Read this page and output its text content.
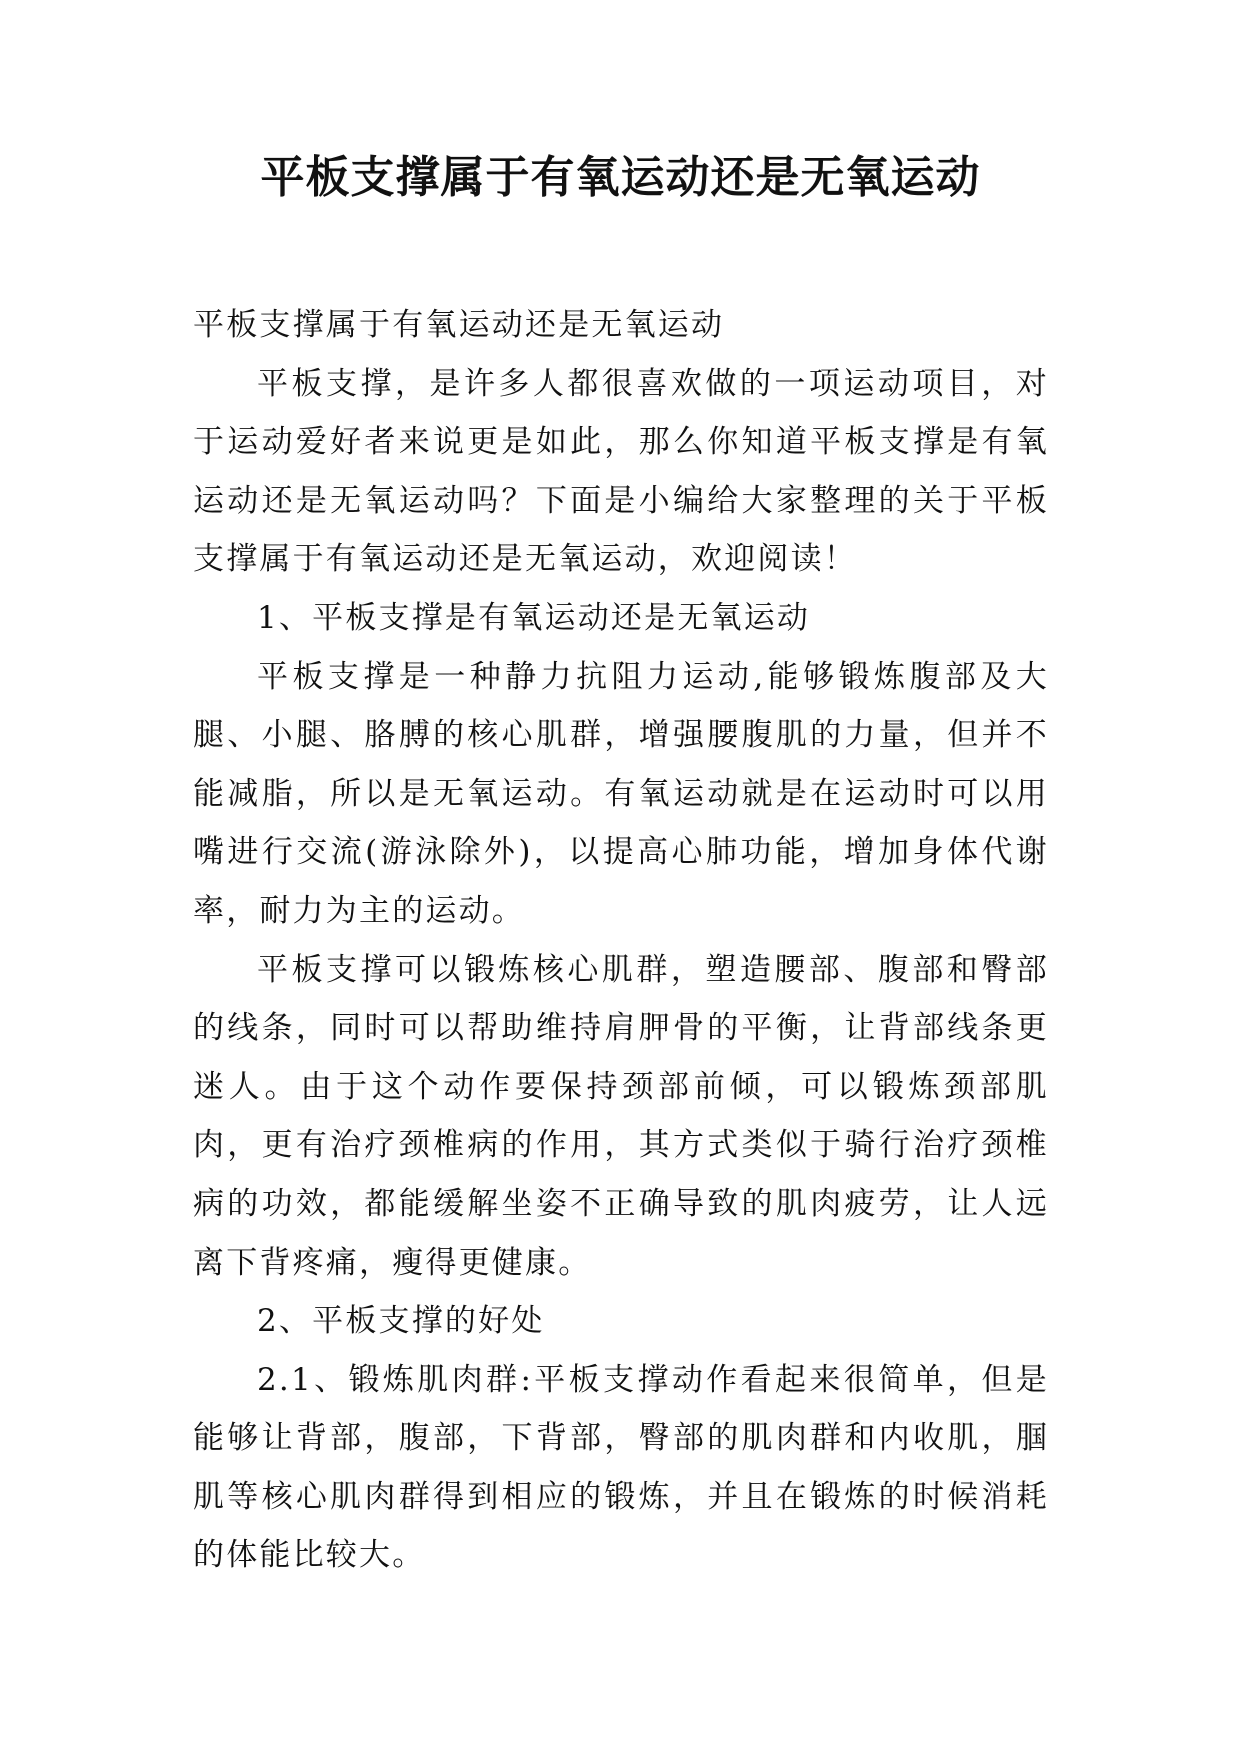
平板支撑属于有氧运动还是无氧运动

平板支撑属于有氧运动还是无氧运动

平板支撑，是许多人都很喜欢做的一项运动项目，对于运动爱好者来说更是如此，那么你知道平板支撑是有氧运动还是无氧运动吗？下面是小编给大家整理的关于平板支撑属于有氧运动还是无氧运动，欢迎阅读！

1、平板支撑是有氧运动还是无氧运动

平板支撑是一种静力抗阻力运动,能够锻炼腹部及大腿、小腿、胳膊的核心肌群，增强腰腹肌的力量，但并不能减脂，所以是无氧运动。有氧运动就是在运动时可以用嘴进行交流(游泳除外)，以提高心肺功能，增加身体代谢率，耐力为主的运动。

平板支撑可以锻炼核心肌群，塑造腰部、腹部和臀部的线条，同时可以帮助维持肩胛骨的平衡，让背部线条更迷人。由于这个动作要保持颈部前倾，可以锻炼颈部肌肉，更有治疗颈椎病的作用，其方式类似于骑行治疗颈椎病的功效，都能缓解坐姿不正确导致的肌肉疲劳，让人远离下背疼痛，瘦得更健康。

2、平板支撑的好处

2.1、锻炼肌肉群:平板支撑动作看起来很简单，但是能够让背部，腹部，下背部，臀部的肌肉群和内收肌，腘肌等核心肌肉群得到相应的锻炼，并且在锻炼的时候消耗的体能比较大。
